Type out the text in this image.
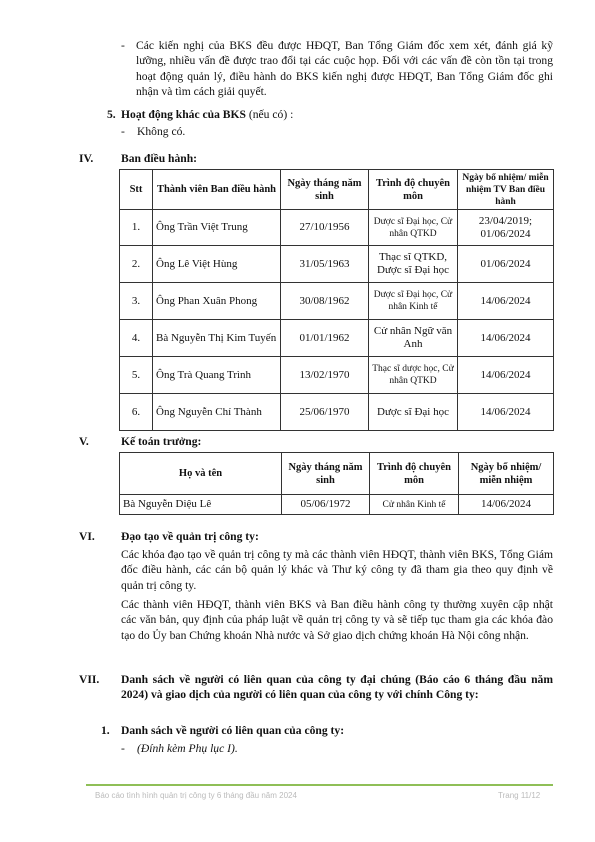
- Các kiến nghị của BKS đều được HĐQT, Ban Tổng Giám đốc xem xét, đánh giá kỹ lưỡng, nhiều vấn đề được trao đổi tại các cuộc họp. Đối với các vấn đề còn tồn tại trong hoạt động quản lý, điều hành do BKS kiến nghị được HĐQT, Ban Tổng Giám đốc ghi nhận và tìm cách giải quyết.
5. Hoạt động khác của BKS (nếu có) :
- Không có.
IV. Ban điều hành:
Stt	Thành viên Ban điều hành	Ngày tháng năm sinh	Trình độ chuyên môn	Ngày bổ nhiệm/ miễn nhiệm TV Ban điều hành
1.	Ông Trần Việt Trung	27/10/1956	Dược sĩ Đại học, Cử nhân QTKD	23/04/2019; 01/06/2024
2.	Ông Lê Việt Hùng	31/05/1963	Thạc sĩ QTKD, Dược sĩ Đại học	01/06/2024
3.	Ông Phan Xuân Phong	30/08/1962	Dược sĩ Đại học, Cử nhân Kinh tế	14/06/2024
4.	Bà Nguyễn Thị Kim Tuyến	01/01/1962	Cử nhân Ngữ văn Anh	14/06/2024
5.	Ông Trà Quang Trình	13/02/1970	Thạc sĩ dược học, Cử nhân QTKD	14/06/2024
6.	Ông Nguyễn Chí Thành	25/06/1970	Dược sĩ Đại học	14/06/2024
V.	Kế toán trưởng:
Họ và tên	Ngày tháng năm sinh	Trình độ chuyên môn	Ngày bổ nhiệm/ miễn nhiệm
Bà Nguyễn Diệu Lê	05/06/1972	Cử nhân Kinh tế	14/06/2024
VI. Đạo tạo về quản trị công ty:
Các khóa đạo tạo về quản trị công ty mà các thành viên HĐQT, thành viên BKS, Tổng Giám đốc điều hành, các cán bộ quản lý khác và Thư ký công ty đã tham gia theo quy định về quản trị công ty.
Các thành viên HĐQT, thành viên BKS và Ban điều hành công ty thường xuyên cập nhật các văn bản, quy định của pháp luật về quản trị công ty và sẽ tiếp tục tham gia các khóa đào tạo do Ủy ban Chứng khoán Nhà nước và Sở giao dịch chứng khoán Hà Nội công nhận.
VII. Danh sách về người có liên quan của công ty đại chúng (Báo cáo 6 tháng đầu năm 2024) và giao dịch của người có liên quan của công ty với chính Công ty:
1. Danh sách về người có liên quan của công ty:
- (Đính kèm Phụ lục I).
Báo cáo tình hình quản trị công ty 6 tháng đầu năm 2024	Trang 11/12
